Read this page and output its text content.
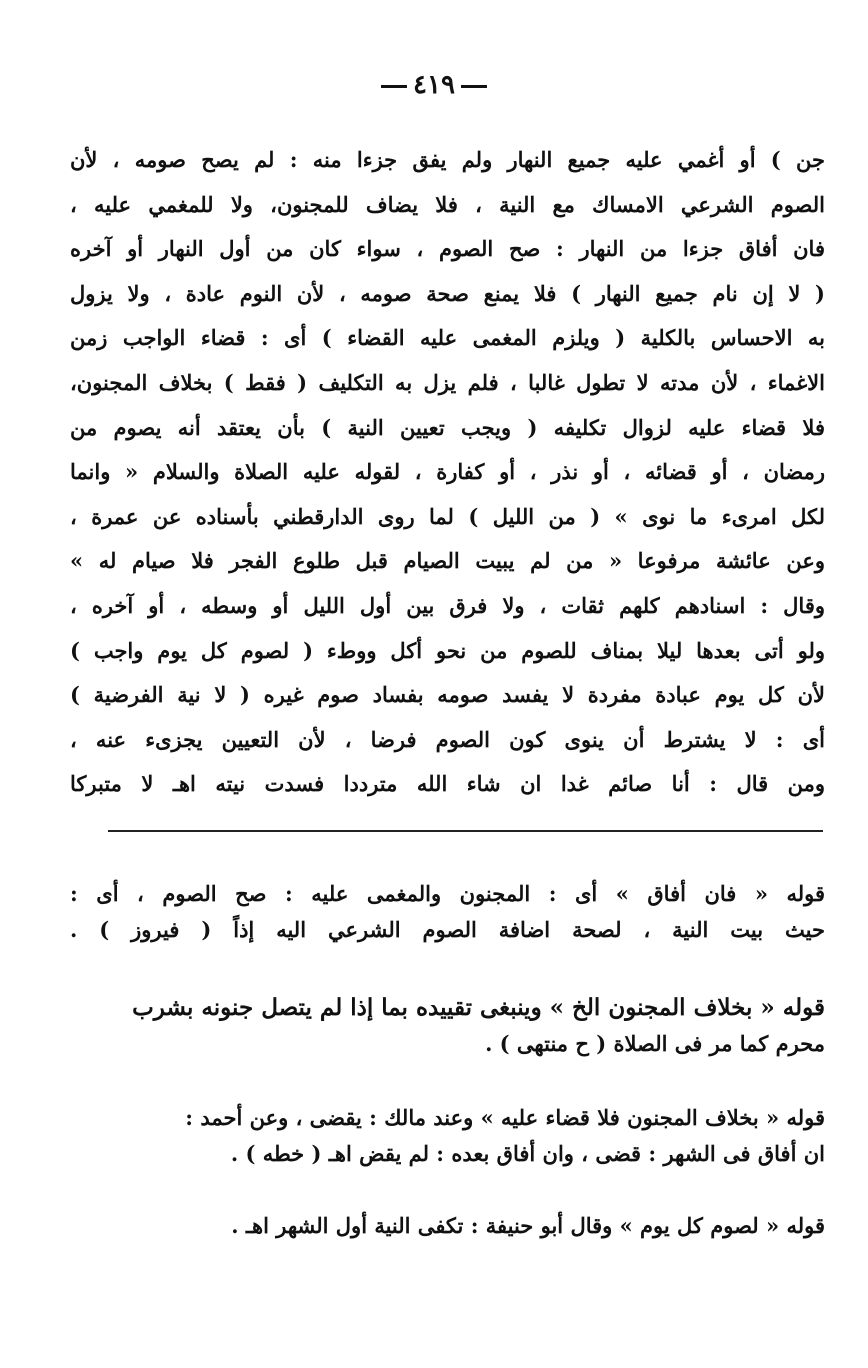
٤١٩
جن ) أو أغمي عليه جميع النهار ولم يفق جزءا منه : لم يصح صومه ، لأن
الصوم الشرعي الامساك مع النية ، فلا يضاف للمجنون، ولا للمغمي عليه ،
فان أفاق جزءا من النهار : صح الصوم ، سواء كان من أول النهار أو آخره
( لا إن نام جميع النهار ) فلا يمنع صحة صومه ، لأن النوم عادة ، ولا يزول
به الاحساس بالكلية ( ويلزم المغمى عليه القضاء ) أى : قضاء الواجب زمن
الاغماء ، لأن مدته لا تطول غالبا ، فلم يزل به التكليف ( فقط ) بخلاف المجنون،
فلا قضاء عليه لزوال تكليفه ( ويجب تعيين النية ) بأن يعتقد أنه يصوم من
رمضان ، أو قضائه ، أو نذر ، أو كفارة ، لقوله عليه الصلاة والسلام « وانما
لكل امرىء ما نوى » ( من الليل ) لما روى الدارقطني بأسناده عن عمرة ،
وعن عائشة مرفوعا « من لم يبيت الصيام قبل طلوع الفجر فلا صيام له »
وقال : اسنادهم كلهم ثقات ، ولا فرق بين أول الليل أو وسطه ، أو آخره ،
ولو أتى بعدها ليلا بمناف للصوم من نحو أكل ووطء ( لصوم كل يوم واجب )
لأن كل يوم عبادة مفردة لا يفسد صومه بفساد صوم غيره ( لا نية الفرضية )
أى : لا يشترط أن ينوى كون الصوم فرضا ، لأن التعيين يجزىء عنه ،
ومن قال : أنا صائم غدا ان شاء الله مترددا فسدت نيته اهـ لا متبركا
قوله « فان أفاق » أى : المجنون والمغمى عليه : صح الصوم ، أى :
حيث بيت النية ، لصحة اضافة الصوم الشرعي اليه إذاً ( فيروز ) .
قوله « بخلاف المجنون الخ » وينبغى تقييده بما إذا لم يتصل جنونه بشرب
محرم كما مر فى الصلاة ( ح منتهى ) .
قوله « بخلاف المجنون فلا قضاء عليه » وعند مالك : يقضى ، وعن أحمد :
ان أفاق فى الشهر : قضى ، وان أفاق بعده : لم يقض اهـ ( خطه ) .
قوله « لصوم كل يوم » وقال أبو حنيفة : تكفى النية أول الشهر اهـ .
